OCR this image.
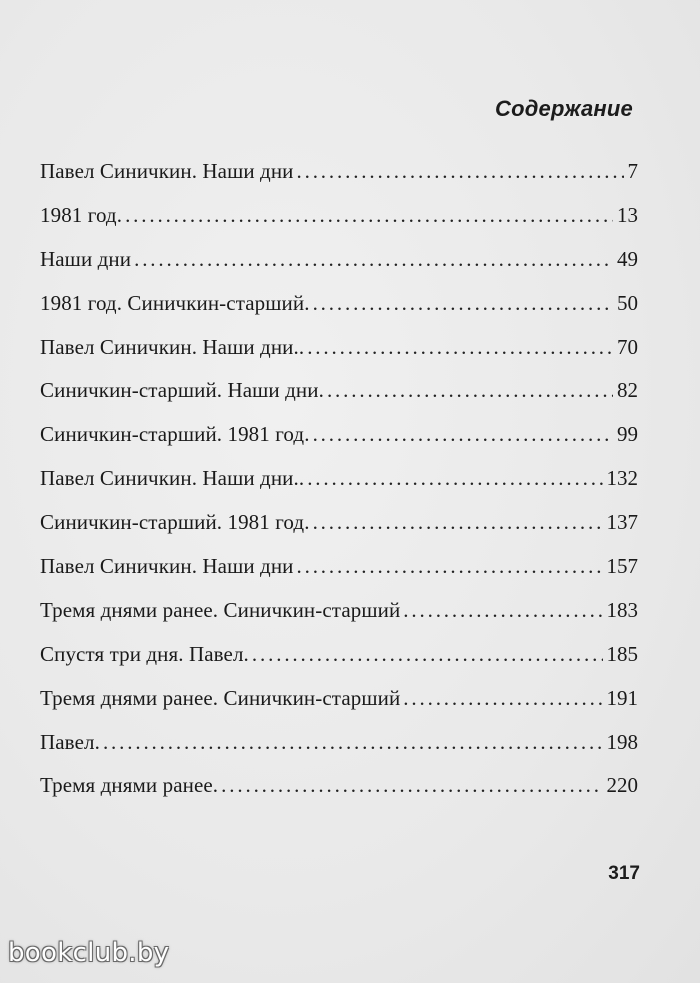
Содержание
Павел Синичкин. Наши дни . . .	7
1981 год. . . .	13
Наши дни . . .	49
1981 год. Синичкин-старший. . . .	50
Павел Синичкин. Наши дни.. . . .	70
Синичкин-старший. Наши дни. . . .	82
Синичкин-старший. 1981 год. . . .	99
Павел Синичкин. Наши дни.. . . .	132
Синичкин-старший. 1981 год. . . .	137
Павел Синичкин. Наши дни . . .	157
Тремя днями ранее. Синичкин-старший . . .	183
Спустя три дня. Павел. . . .	185
Тремя днями ранее. Синичкин-старший . . .	191
Павел. . . .	198
Тремя днями ранее. . . .	220
317
bookclub.by
